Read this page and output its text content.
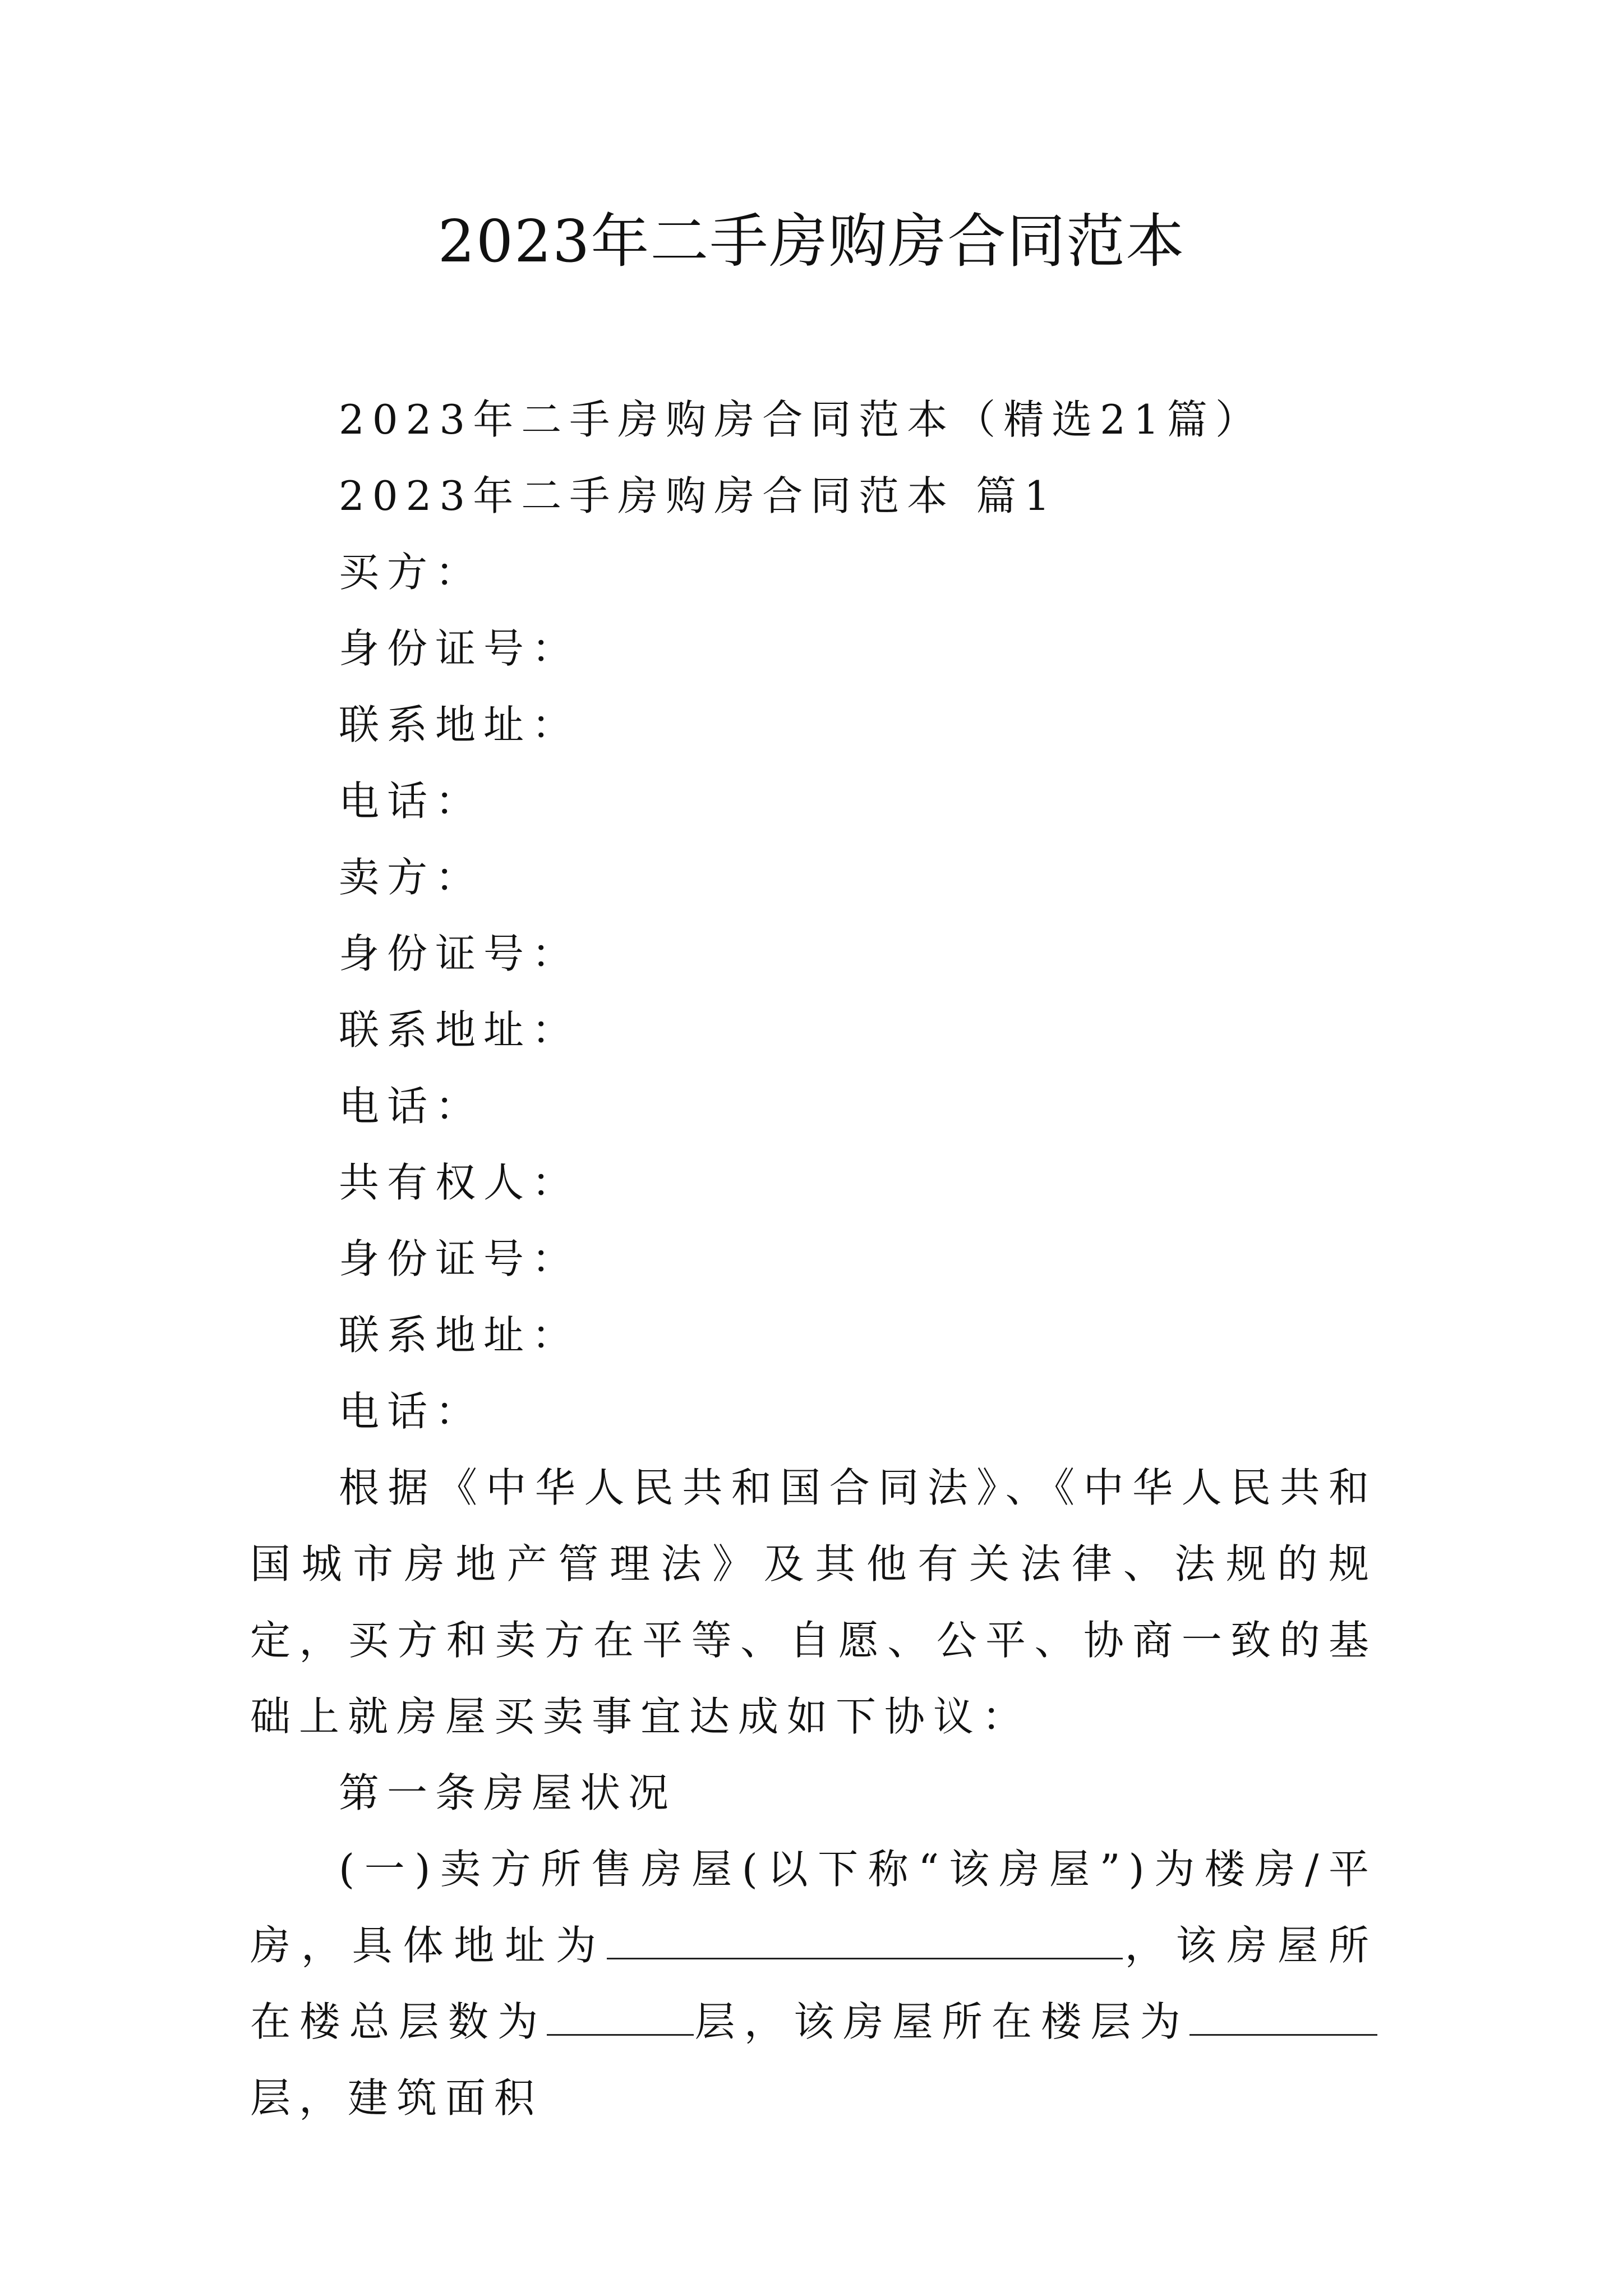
2023年二手房购房合同范本
2023年二手房购房合同范本（精选21篇）
2023年二手房购房合同范本 篇1
买方：
身份证号：
联系地址：
电话：
卖方：
身份证号：
联系地址：
电话：
共有权人：
身份证号：
联系地址：
电话：

根据《中华人民共和国合同法》、《中华人民共和国城市房地产管理法》及其他有关法律、法规的规定，买方和卖方在平等、自愿、公平、协商一致的基础上就房屋买卖事宜达成如下协议：

第一条房屋状况

(一)卖方所售房屋(以下称“该房屋”)为楼房/平房，具体地址为	，该房屋所在楼总层数为	层，该房屋所在楼层为层，建筑面积
